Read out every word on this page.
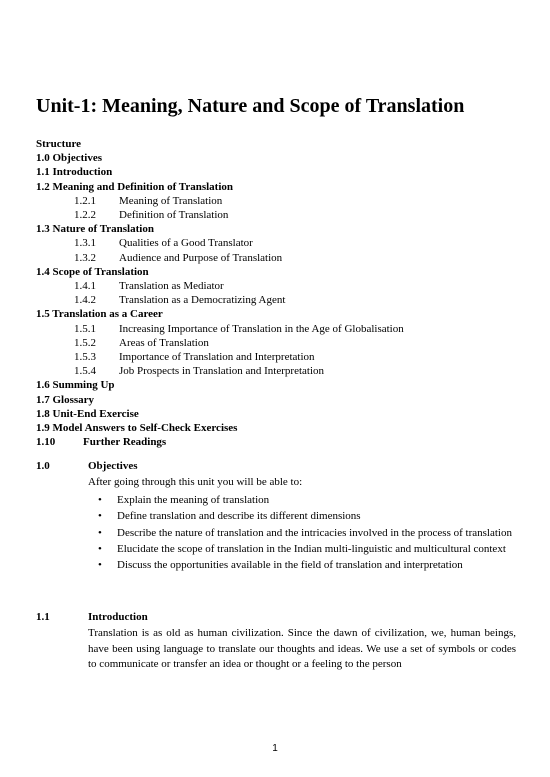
Unit-1: Meaning, Nature and Scope of Translation
Structure
1.0 Objectives
1.1 Introduction
1.2 Meaning and Definition of Translation
1.2.1 Meaning of Translation
1.2.2 Definition of Translation
1.3 Nature of Translation
1.3.1 Qualities of a Good Translator
1.3.2 Audience and Purpose of Translation
1.4 Scope of Translation
1.4.1 Translation as Mediator
1.4.2 Translation as a Democratizing Agent
1.5 Translation as a Career
1.5.1 Increasing Importance of Translation in the Age of Globalisation
1.5.2 Areas of Translation
1.5.3 Importance of Translation and Interpretation
1.5.4 Job Prospects in Translation and Interpretation
1.6 Summing Up
1.7 Glossary
1.8 Unit-End Exercise
1.9 Model Answers to Self-Check Exercises
1.10	Further Readings
1.0	Objectives
After going through this unit you will be able to:
• Explain the meaning of translation
• Define translation and describe its different dimensions
• Describe the nature of translation and the intricacies involved in the process of translation
• Elucidate the scope of translation in the Indian multi-linguistic and multicultural context
• Discuss the opportunities available in the field of translation and interpretation
1.1	Introduction
Translation is as old as human civilization. Since the dawn of civilization, we, human beings, have been using language to translate our thoughts and ideas. We use a set of symbols or codes to communicate or transfer an idea or thought or a feeling to the person
1
